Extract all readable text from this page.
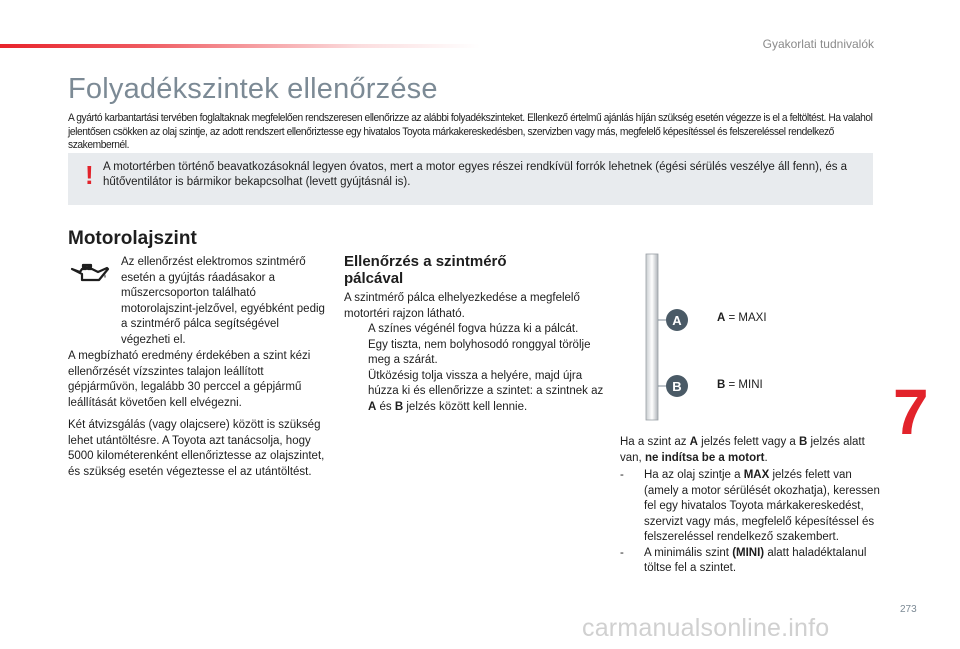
Gyakorlati tudnivalók
Folyadékszintek ellenőrzése
A gyártó karbantartási tervében foglaltaknak megfelelően rendszeresen ellenőrizze az alábbi folyadékszinteket. Ellenkező értelmű ajánlás híján szükség esetén végezze is el a feltöltést. Ha valahol jelentősen csökken az olaj szintje, az adott rendszert ellenőriztesse egy hivatalos Toyota márkakereskedésben, szervizben vagy más, megfelelő képesítéssel és felszereléssel rendelkező szakembernél.
! A motortérben történő beavatkozásoknál legyen óvatos, mert a motor egyes részei rendkívül forrók lehetnek (égési sérülés veszélye áll fenn), és a hűtőventilátor is bármikor bekapcsolhat (levett gyújtásnál is).
Motorolajszint
Az ellenőrzést elektromos szintmérő esetén a gyújtás ráadásakor a műszercsoporton található motorolajszint-jelzővel, egyébként pedig a szintmérő pálca segítségével végezheti el.
A megbízható eredmény érdekében a szint kézi ellenőrzését vízszintes talajon leállított gépjárművön, legalább 30 perccel a gépjármű leállítását követően kell elvégezni.
Két átvizsgálás (vagy olajcsere) között is szükség lehet utántöltésre. A Toyota azt tanácsolja, hogy 5000 kilométerenként ellenőriztesse az olajszintet, és szükség esetén végeztesse el az utántöltést.
Ellenőrzés a szintmérő pálcával
A szintmérő pálca elhelyezkedése a megfelelő motortéri rajzon látható.
A színes végénél fogva húzza ki a pálcát.
Egy tiszta, nem bolyhosodó ronggyal törölje meg a szárát.
Ütközésig tolja vissza a helyére, majd újra húzza ki és ellenőrizze a szintet: a szintnek az A és B jelzés között kell lennie.
A
B
A = MAXI
B = MINI
Ha a szint az A jelzés felett vagy a B jelzés alatt van, ne indítsa be a motort.
- Ha az olaj szintje a MAX jelzés felett van (amely a motor sérülését okozhatja), keressen fel egy hivatalos Toyota márkakereskedést, szervizt vagy más, megfelelő képesítéssel és felszereléssel rendelkező szakembert.
- A minimális szint (MINI) alatt haladéktalanul töltse fel a szintet.
7
273
carmanualsonline.info
